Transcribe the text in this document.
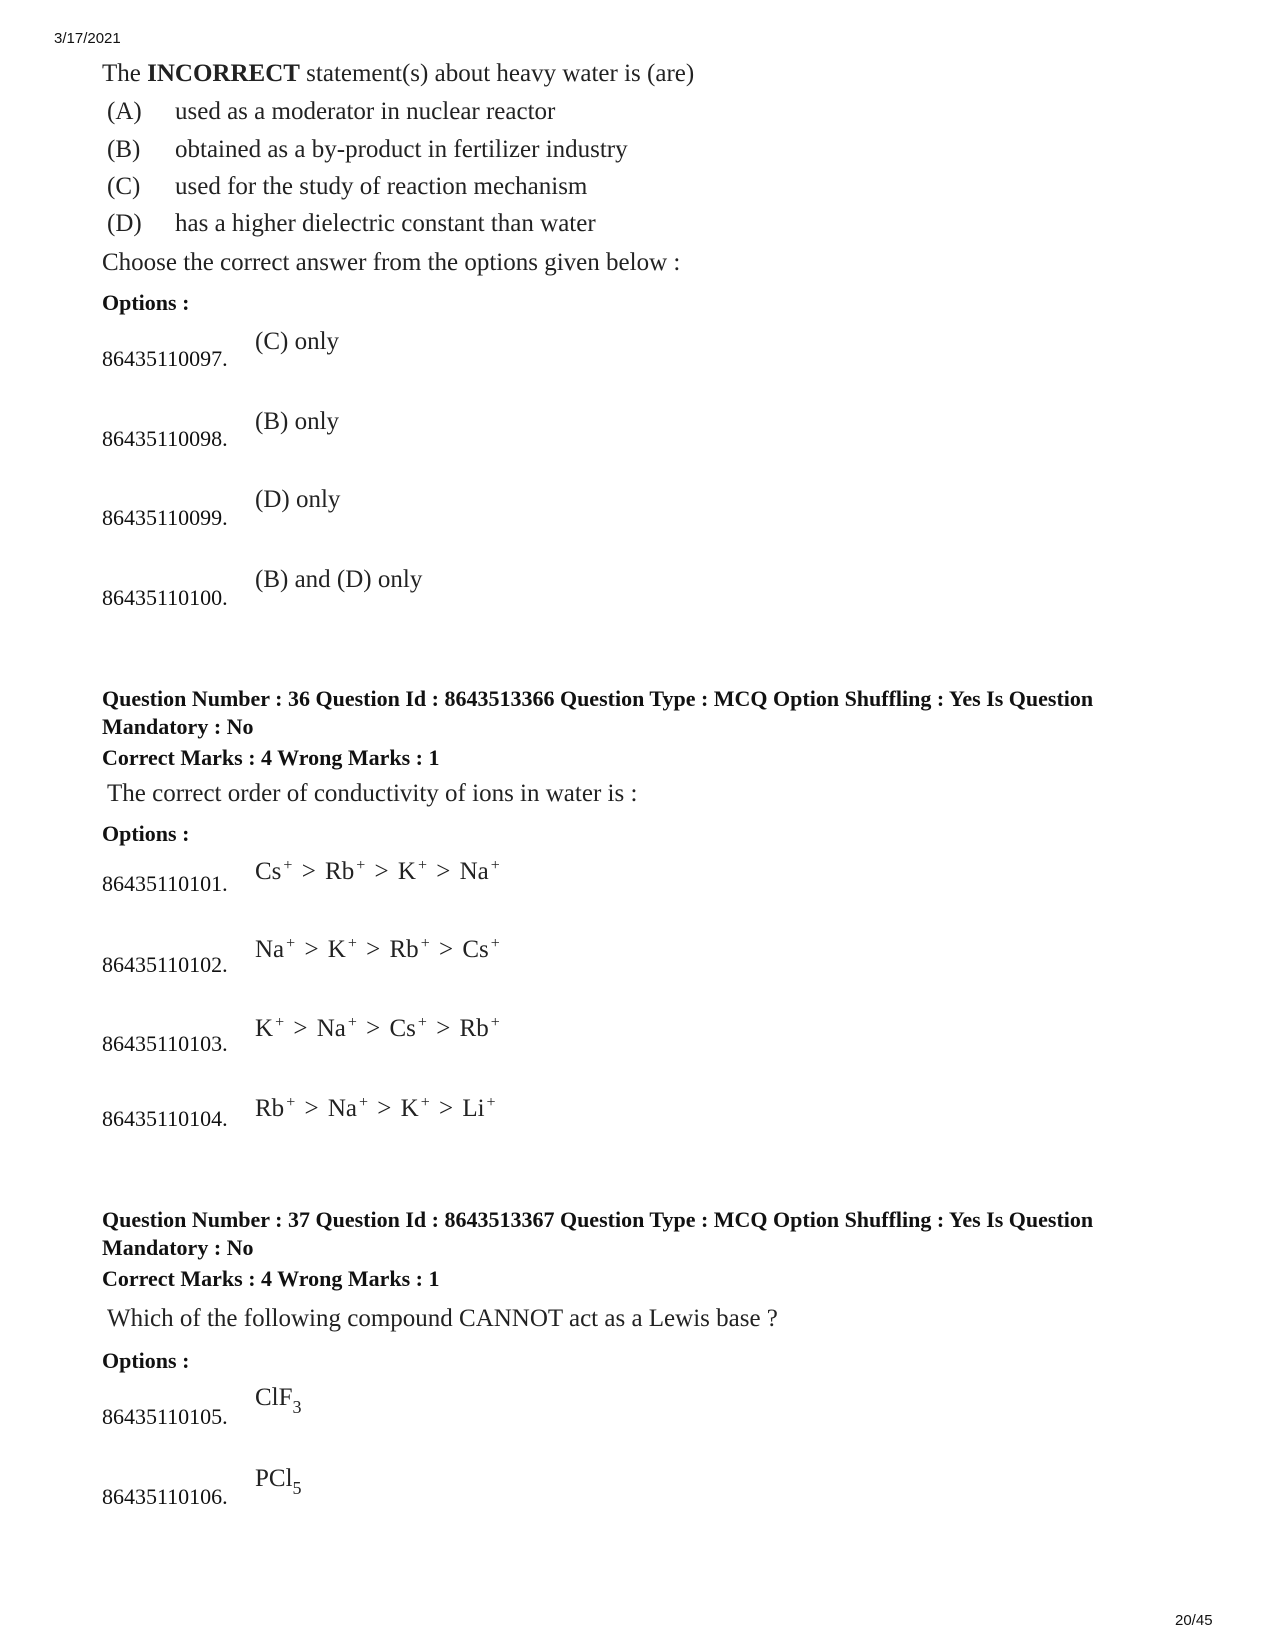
3/17/2021
The INCORRECT statement(s) about heavy water is (are)
(A) used as a moderator in nuclear reactor
(B) obtained as a by-product in fertilizer industry
(C) used for the study of reaction mechanism
(D) has a higher dielectric constant than water
Choose the correct answer from the options given below :
Options :
86435110097.
(C) only
86435110098.
(B) only
86435110099.
(D) only
86435110100.
(B) and (D) only
Question Number : 36 Question Id : 8643513366 Question Type : MCQ Option Shuffling : Yes Is Question Mandatory : No
Correct Marks : 4 Wrong Marks : 1
The correct order of conductivity of ions in water is :
Options :
86435110101. Cs + > Rb + > K + > Na +
86435110102.
Na + > K + > Rb + > Cs +
86435110103.
K + > Na + > Cs + > Rb +
86435110104. Rb + > Na + > K + > Li +
Question Number : 37 Question Id : 8643513367 Question Type : MCQ Option Shuffling : Yes Is Question Mandatory : No
Correct Marks : 4 Wrong Marks : 1
Which of the following compound CANNOT act as a Lewis base ?
Options :
86435110105.
ClF$_3$
86435110106.
PCl$_5$
20/45
